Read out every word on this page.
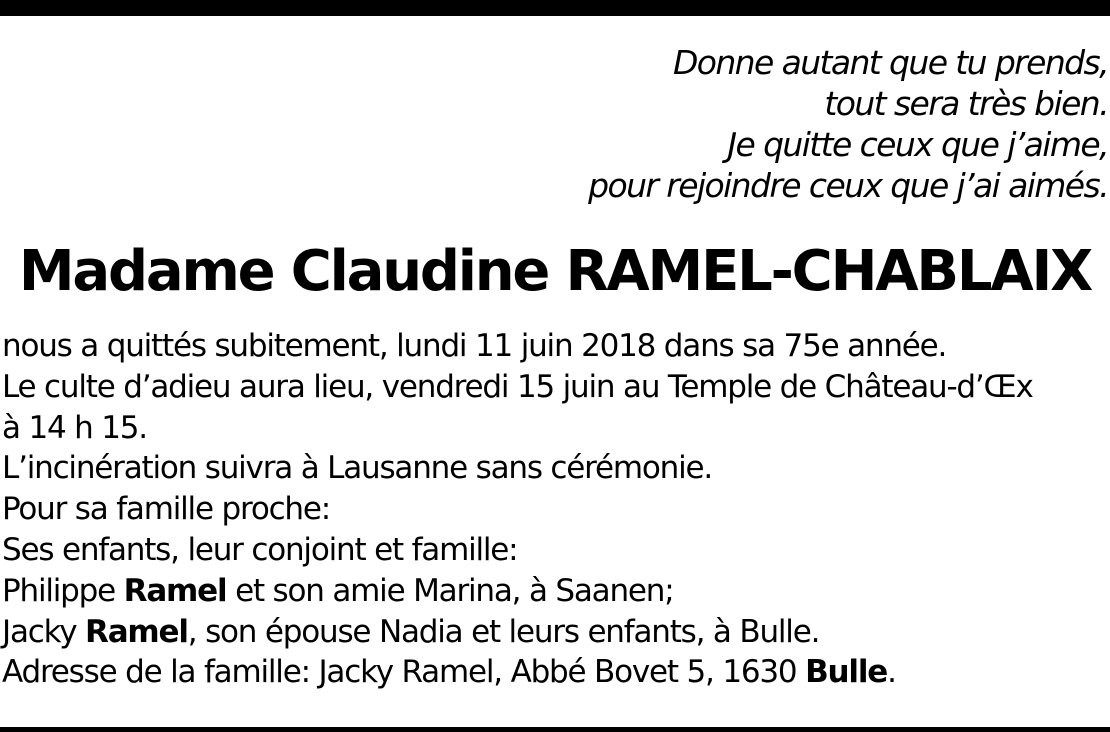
Donne autant que tu prends,
tout sera très bien.
Je quitte ceux que j’aime,
pour rejoindre ceux que j’ai aimés.
Madame Claudine RAMEL-CHABLAIX
nous a quittés subitement, lundi 11 juin 2018 dans sa 75e année.
Le culte d’adieu aura lieu, vendredi 15 juin au Temple de Château-d’Œx
à 14 h 15.
L’incinération suivra à Lausanne sans cérémonie.
Pour sa famille proche:
Ses enfants, leur conjoint et famille:
Philippe Ramel et son amie Marina, à Saanen;
Jacky Ramel, son épouse Nadia et leurs enfants, à Bulle.
Adresse de la famille: Jacky Ramel, Abbé Bovet 5, 1630 Bulle.
